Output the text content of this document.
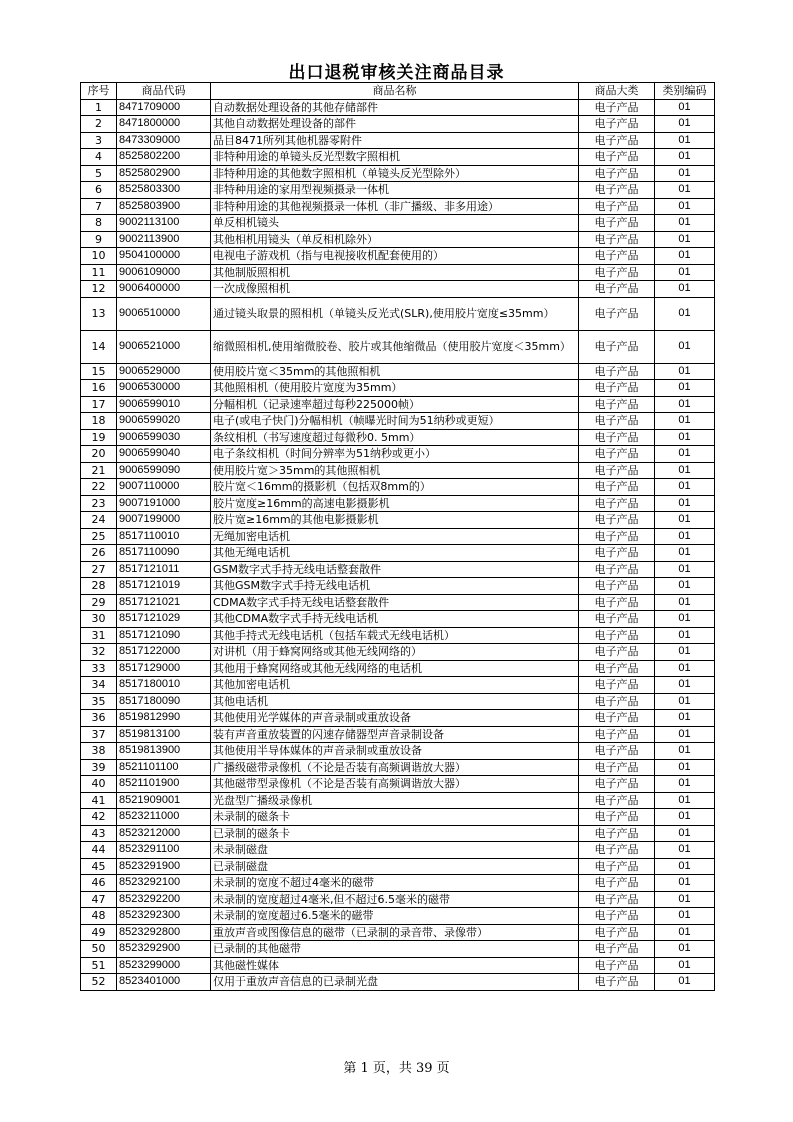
出口退税审核关注商品目录
序号	商品代码	商品名称	商品大类	类别编码
1	8471709000	自动数据处理设备的其他存储部件	电子产品	01
2	8471800000	其他自动数据处理设备的部件	电子产品	01
3	8473309000	品目8471所列其他机器零附件	电子产品	01
4	8525802200	非特种用途的单镜头反光型数字照相机	电子产品	01
5	8525802900	非特种用途的其他数字照相机（单镜头反光型除外）	电子产品	01
6	8525803300	非特种用途的家用型视频摄录一体机	电子产品	01
7	8525803900	非特种用途的其他视频摄录一体机（非广播级、非多用途）	电子产品	01
8	9002113100	单反相机镜头	电子产品	01
9	9002113900	其他相机用镜头（单反相机除外）	电子产品	01
10	9504100000	电视电子游戏机（指与电视接收机配套使用的）	电子产品	01
11	9006109000	其他制版照相机	电子产品	01
12	9006400000	一次成像照相机	电子产品	01
13	9006510000	通过镜头取景的照相机（单镜头反光式(SLR),使用胶片宽度≤35mm）	电子产品	01
14	9006521000	缩微照相机,使用缩微胶卷、胶片或其他缩微品（使用胶片宽度＜35mm）	电子产品	01
15	9006529000	使用胶片宽＜35mm的其他照相机	电子产品	01
16	9006530000	其他照相机（使用胶片宽度为35mm）	电子产品	01
17	9006599010	分幅相机（记录速率超过每秒225000帧）	电子产品	01
18	9006599020	电子(或电子快门)分幅相机（帧曝光时间为51纳秒或更短）	电子产品	01
19	9006599030	条纹相机（书写速度超过每微秒0. 5mm）	电子产品	01
20	9006599040	电子条纹相机（时间分辨率为51纳秒或更小）	电子产品	01
21	9006599090	使用胶片宽＞35mm的其他照相机	电子产品	01
22	9007110000	胶片宽＜16mm的摄影机（包括双8mm的）	电子产品	01
23	9007191000	胶片宽度≥16mm的高速电影摄影机	电子产品	01
24	9007199000	胶片宽≥16mm的其他电影摄影机	电子产品	01
25	8517110010	无绳加密电话机	电子产品	01
26	8517110090	其他无绳电话机	电子产品	01
27	8517121011	GSM数字式手持无线电话整套散件	电子产品	01
28	8517121019	其他GSM数字式手持无线电话机	电子产品	01
29	8517121021	CDMA数字式手持无线电话整套散件	电子产品	01
30	8517121029	其他CDMA数字式手持无线电话机	电子产品	01
31	8517121090	其他手持式无线电话机（包括车载式无线电话机）	电子产品	01
32	8517122000	对讲机（用于蜂窝网络或其他无线网络的）	电子产品	01
33	8517129000	其他用于蜂窝网络或其他无线网络的电话机	电子产品	01
34	8517180010	其他加密电话机	电子产品	01
35	8517180090	其他电话机	电子产品	01
36	8519812990	其他使用光学媒体的声音录制或重放设备	电子产品	01
37	8519813100	装有声音重放装置的闪速存储器型声音录制设备	电子产品	01
38	8519813900	其他使用半导体媒体的声音录制或重放设备	电子产品	01
39	8521101100	广播级磁带录像机（不论是否装有高频调谐放大器）	电子产品	01
40	8521101900	其他磁带型录像机（不论是否装有高频调谐放大器）	电子产品	01
41	8521909001	光盘型广播级录像机	电子产品	01
42	8523211000	未录制的磁条卡	电子产品	01
43	8523212000	已录制的磁条卡	电子产品	01
44	8523291100	未录制磁盘	电子产品	01
45	8523291900	已录制磁盘	电子产品	01
46	8523292100	未录制的宽度不超过4毫米的磁带	电子产品	01
47	8523292200	未录制的宽度超过4毫米,但不超过6.5毫米的磁带	电子产品	01
48	8523292300	未录制的宽度超过6.5毫米的磁带	电子产品	01
49	8523292800	重放声音或图像信息的磁带（已录制的录音带、录像带）	电子产品	01
50	8523292900	已录制的其他磁带	电子产品	01
51	8523299000	其他磁性媒体	电子产品	01
52	8523401000	仅用于重放声音信息的已录制光盘	电子产品	01
第 1 页，共 39 页
